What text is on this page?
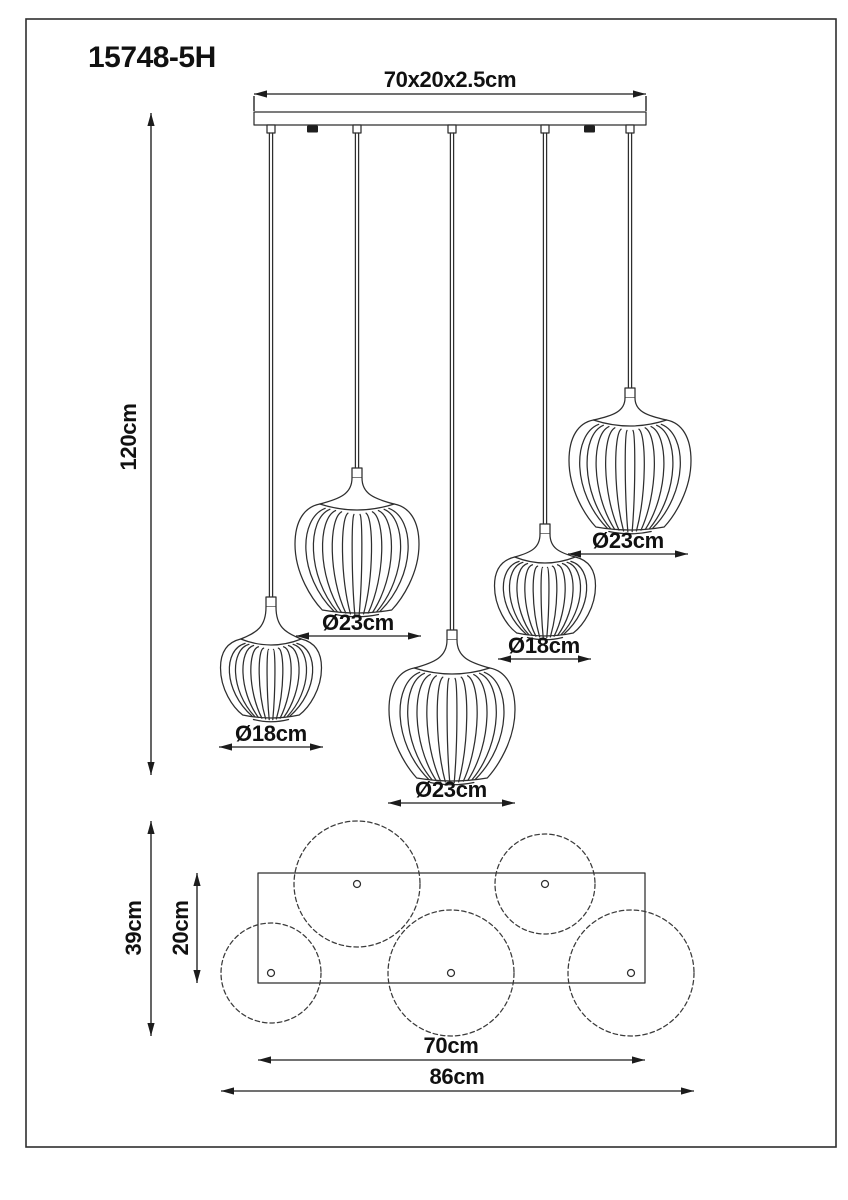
15748-5H
70x20x2.5cm
120cm
Ø18cm
Ø23cm
Ø23cm
Ø18cm
Ø23cm
39cm 20cm
70cm
86cm
